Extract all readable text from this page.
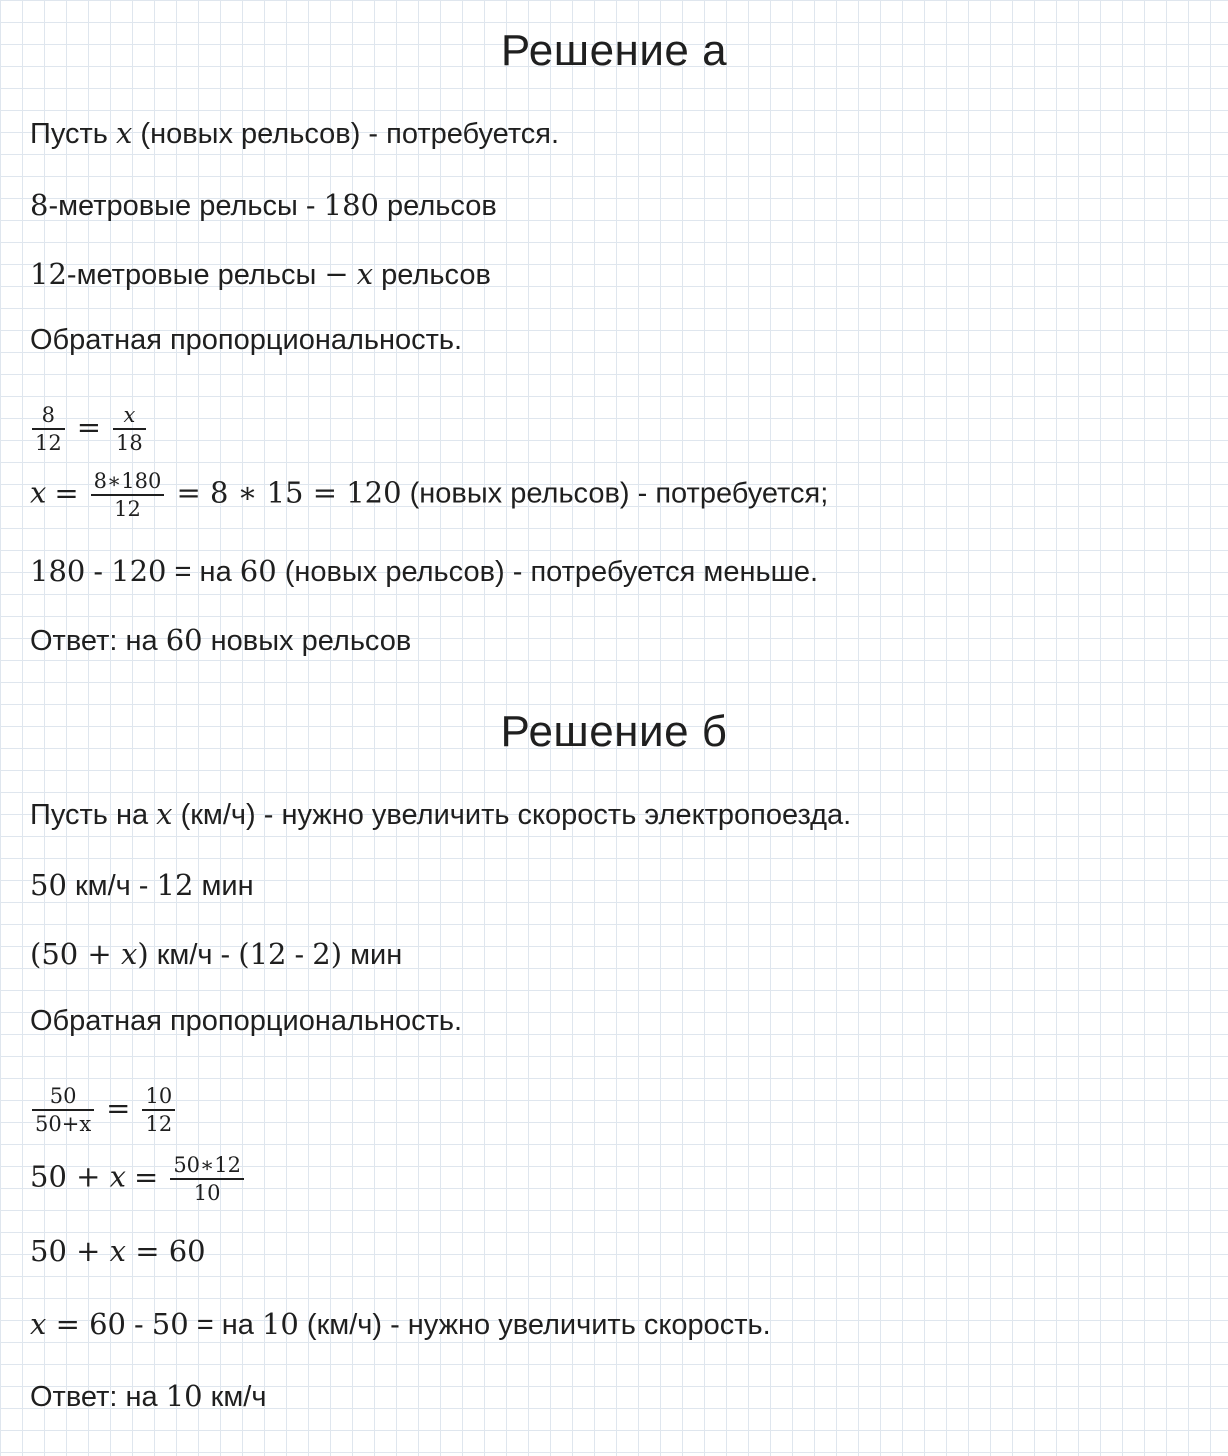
Решение а
Пусть x (новых рельсов) - потребуется.
8-метровые рельсы - 180 рельсов
12-метровые рельсы − x рельсов
Обратная пропорциональность.
$\frac{8}{12} = \frac{x}{18}$
$x = \frac{8∗180}{12} = 8$ ∗ 15 = 120 (новых рельсов) - потребуется;
180 - 120 = на 60 (новых рельсов) - потребуется меньше.
Ответ: на 60 новых рельсов
Решение б
Пусть на x (км/ч) - нужно увеличить скорость электропоезда.
50 км/ч - 12 мин
(50 + x) км/ч - (12 - 2) мин
Обратная пропорциональность.
$\frac{50}{50+x} = \frac{10}{12}$
$50 + x = \frac{50∗12}{10}$
50 + x = 60
x = 60 - 50 = на 10 (км/ч) - нужно увеличить скорость.
Ответ: на 10 км/ч
